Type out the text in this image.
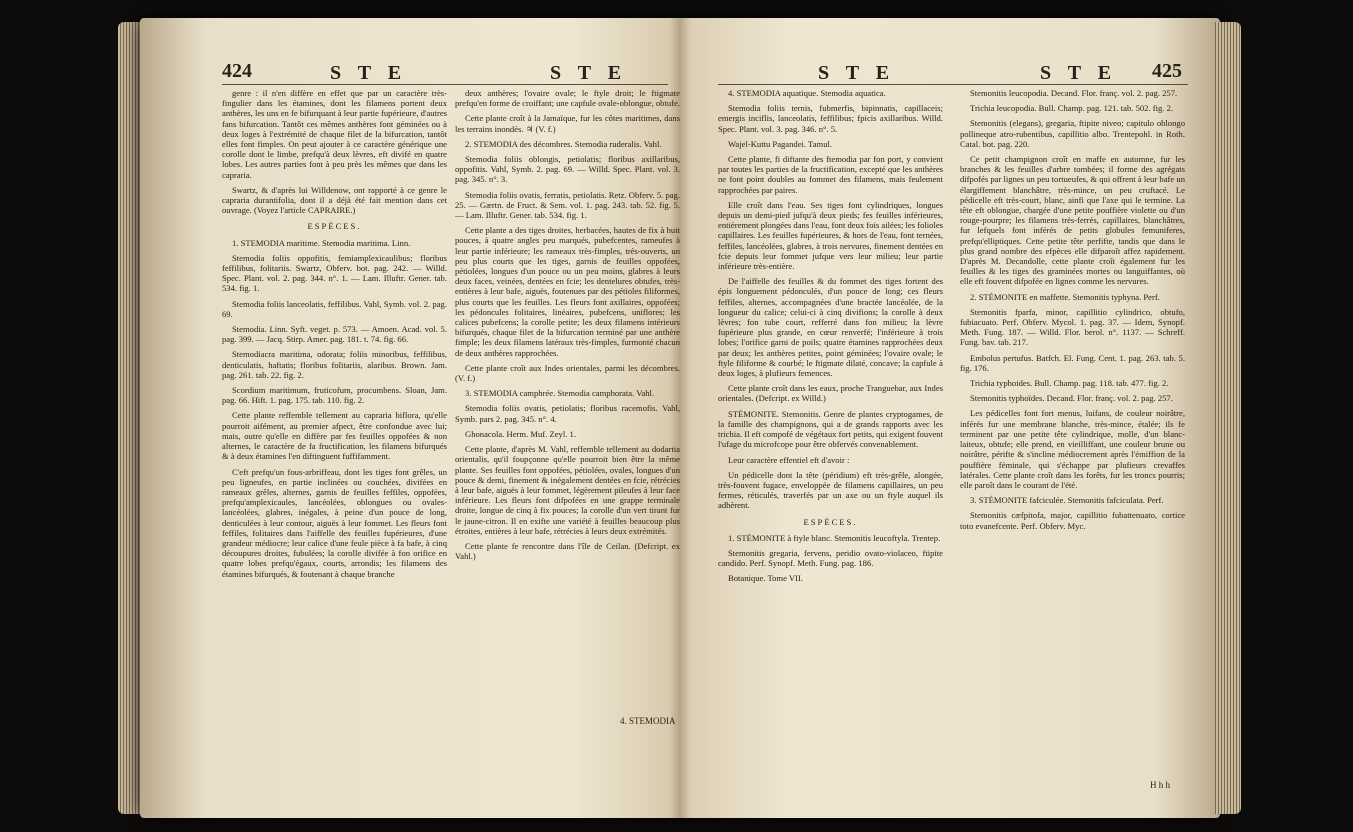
424	S T E	S T E

genre : il n'en diffère en effet que par un caractère très-fingulier dans les étamines, dont les filamens portent deux anthères, les uns en fe bifurquant à leur partie fupérieure, d'autres fans bifurcation. Tantôt ces mêmes anthères font géminées ou à deux loges à l'extrémité de chaque filet de la bifurcation, tantôt elles font fimples. On peut ajouter à ce caractère générique une corolle dont le limbe, prefqu'à deux lèvres, eft divifé en quatre lobes. Les autres parties font à peu près les mêmes que dans les capraria.

Swartz, & d'après lui Willdenow, ont rapporté à ce genre le capraria durantifolia, dont il a déjà été fait mention dans cet ouvrage. (Voyez l'article CAPRAIRE.)

ESPÈCES.

1. STEMODIA maritime. Stemodia maritima. Linn.

Stemodia foliis oppofitis, femiamplexicaulibus; floribus feffilibus, folitariis. Swartz, Obferv. bot. pag. 242. — Willd. Spec. Plant. vol. 2. pag. 344. n°. 1. — Lam. Illuftr. Gener. tab. 534. fig. 1.

Stemodia foliis lanceolatis, feffilibus. Vahl, Symb. vol. 2. pag. 69.

Stemodia. Linn. Syft. veget. p. 573. — Amoen. Acad. vol. 5. pag. 399. — Jacq. Stirp. Amer. pag. 181. t. 74. fig. 66.

Stemodiacra maritima, odorata; foliis minoribus, feffilibus, denticulatis, haftatis; floribus folitariis, alaribus. Brown. Jam. pag. 261. tab. 22. fig. 2.

Scordium maritimum, fruticofum, procumbens. Sloan, Jam. pag. 66. Hift. 1. pag. 175. tab. 110. fig. 2.

Cette plante reffemble tellement au capraria biflora, qu'elle pourroit aifément, au premier afpect, être confondue avec lui; mais, outre qu'elle en diffère par fes feuilles oppofées & non alternes, le caractère de fa fructification, les filamens bifurqués & à deux étamines l'en diftinguent fuffifamment.

C'eft prefqu'un fous-arbriffeau, dont les tiges font grêles, un peu ligneufes, en partie inclinées ou couchées, divifées en rameaux grêles, alternes, garnis de feuilles feffiles, oppofées, prefqu'amplexicaules, lancéolées, oblongues ou ovales-lancéolées, glabres, inégales, à peine d'un pouce de long, denticulées à leur contour, aiguës à leur fommet. Les fleurs font feffiles, folitaires dans l'aiffelle des feuilles fupérieures, d'une grandeur médiocre; leur calice d'une feule pièce à fa bafe, à cinq découpures droites, fubulées; la corolle divifée à fon orifice en quatre lobes prefqu'égaux, courts, arrondis; les filamens des étamines bifurqués, & foutenant à chaque branche

deux anthères; l'ovaire ovale; le ftyle droit; le ftigmate prefqu'en forme de croiffant; une capfule ovale-oblongue, obtufe.

Cette plante croît à la Jamaïque, fur les côtes maritimes, dans les terrains inondés. ♃ (V. f.)

2. STEMODIA des décombres. Stemodia ruderalis. Vahl.

Stemodia foliis oblongis, petiolatis; floribus axillaribus, oppofitis. Vahl, Symb. 2. pag. 69. — Willd. Spec. Plant. vol. 3. pag. 345. n°. 3.

Stemodia foliis ovatis, ferratis, petiolatis. Retz. Obferv. 5. pag. 25. — Gærtn. de Fruct. & Sem. vol. 1. pag. 243. tab. 52. fig. 5. — Lam. Illuftr. Gener. tab. 534. fig. 1.

Cette plante a des tiges droites, herbacées, hautes de fix à huit pouces, à quatre angles peu marqués, pubefcentes, rameufes à leur partie inférieure; les rameaux très-fimples, très-ouverts, un peu plus courts que les tiges, garnis de feuilles oppofées, pétiolées, longues d'un pouce ou un peu moins, glabres à leurs deux faces, veinées, dentées en fcie; les dentelures obtufes, très-entières à leur bafe, aiguës, foutenues par des pétioles filiformes, plus courts que les feuilles. Les fleurs font axillaires, oppofées; les pédoncules folitaires, linéaires, pubefcens, uniflores; les calices pubefcens; la corolle petite; les deux filamens intérieurs bifurqués, chaque filet de la bifurcation terminé par une anthère fimple; les deux filamens latéraux très-fimples, furmonté chacun de deux anthères rapprochées.

Cette plante croît aux Indes orientales, parmi les décombres. (V. f.)

3. STEMODIA camphrée. Stemodia camphorata. Vahl.

Stemodia foliis ovatis, petiolatis; floribus racemofis. Vahl, Symb. pars 2. pag. 345. n°. 4.

Ghonacola. Herm. Muf. Zeyl. 1.

Cette plante, d'après M. Vahl, reffemble tellement au dodartia orientalis, qu'il foupçonne qu'elle pourroit bien être la même plante. Ses feuilles font oppofées, pétiolées, ovales, longues d'un pouce & demi, finement & inégalement dentées en fcie, rétrécies à leur bafe, aiguës à leur fommet, légèrement pileufes à leur face inférieure. Les fleurs font difpofées en une grappe terminale droite, longue de cinq à fix pouces; la corolle d'un vert tirant fur le jaune-citron. Il en exifte une variété à feuilles beaucoup plus étroites, entières à leur bafe, rétrécies à leurs deux extrémités.

Cette plante fe rencontre dans l'île de Ceilan. (Defcript. ex Vahl.)

4. STEMODIA
S T E	S T E 425

4. STEMODIA aquatique. Stemodia aquatica.

Stemodia foliis ternis, fubmerfis, bipinnatis, capillaceis; emergis inciflis, lanceolatis, feffilibus; fpicis axillaribus. Willd. Spec. Plant. vol. 3. pag. 346. n°. 5.

Wajel-Kuttu Pagandei. Tamul.

Cette plante, fi diftante des ftemodia par fon port, y convient par toutes les parties de la fructification, excepté que les anthères ne font point doubles au fommet des filamens, mais feulement rapprochées par paires.

Elle croît dans l'eau. Ses tiges font cylindriques, longues depuis un demi-pied jufqu'à deux pieds; fes feuilles inférieures, entièrement plongées dans l'eau, font deux fois ailées; les folioles capillaires. Les feuilles fupérieures, & hors de l'eau, font ternées, feffiles, lancéolées, glabres, à trois nervures, finement dentées en fcie depuis leur fommet jufque vers leur milieu; leur partie inférieure très-entière.

De l'aiffelle des feuilles & du fommet des tiges fortent des épis longuement pédonculés, d'un pouce de long; ces fleurs feffiles, alternes, accompagnées d'une bractée lancéolée, de la longueur du calice; celui-ci à cinq divifions; la corolle à deux lèvres; fon tube court, refferré dans fon milieu; la lèvre fupérieure plus grande, en cœur renverfé; l'inférieure à trois lobes; l'orifice garni de poils; quatre étamines rapprochées deux par deux; les anthères petites, point géminées; l'ovaire ovale; le ftyle filiforme & courbé; le ftigmate dilaté, concave; la capfule à deux loges, à plufieurs femences.

Cette plante croît dans les eaux, proche Tranguebar, aux Indes orientales. (Defcript. ex Willd.)

STÉMONITE. Stemonitis. Genre de plantes cryptogames, de la famille des champignons, qui a de grands rapports avec les trichia. Il eft compofé de végétaux fort petits, qui exigent fouvent l'ufage du microfcope pour être obfervés convenablement.

Leur caractère effentiel eft d'avoir :

Un pédicelle dont la tête (péridium) eft très-grêle, alongée, très-fouvent fugace, enveloppée de filamens capillaires, un peu fermes, réticulés, traverfés par un axe ou un ftyle auquel ils adhèrent.

ESPÈCES.

1. STÉMONITE à ftyle blanc. Stemonitis leucoftyla. Trentep.

Stemonitis gregaria, fervens, peridio ovato-violaceo, ftipite candido. Perf. Synopf. Meth. Fung. pag. 186.

Botanique. Tome VII.

Stemonitis leucopodia. Decand. Flor. franç. vol. 2. pag. 257.

Trichia leucopodia. Bull. Champ. pag. 121. tab. 502. fig. 2.

Stemonitis (elegans), gregaria, ftipite niveo; capitulo oblongo pollineque atro-rubentibus, capillitio albo. Trentepohl. in Roth. Catal. bot. pag. 220.

Ce petit champignon croît en maffe en automne, fur les branches & les feuilles d'arbre tombées; il forme des agrégats difpofés par lignes un peu tortueufes, & qui offrent à leur bafe un élargiffement blanchâtre, très-mince, un peu cruftacé. Le pédicelle eft très-court, blanc, ainfi que l'axe qui le termine. La tête eft oblongue, chargée d'une petite pouffière violette ou d'un rouge-pourpre; les filamens très-ferrés, capillaires, blanchâtres, fur lefquels font inférés de petits globules femuniferes, prefqu'elliptiques. Cette petite tête perfifte, tandis que dans le plus grand nombre des efpèces elle difparoît affez rapidement. D'après M. Decandolle, cette plante croît également fur les feuilles & les tiges des graminées mortes ou languiffantes, où elle eft fouvent difpofée en lignes comme les nervures.

2. STÉMONITE en maffette. Stemonitis typhyna. Perf.

Stemonitis fparfa, minor, capillitio cylindrico, obtufo, fubiacuato. Perf. Obferv. Mycol. 1. pag. 37. — Idem, Synopf. Meth. Fung. 187. — Willd. Flor. berol. n°. 1137. — Schreff. Fung. bav. tab. 217.

Embolus pertufus. Batfch. El. Fung. Cent. 1. pag. 263. tab. 5. fig. 176.

Trichia typhoides. Bull. Champ. pag. 118. tab. 477. fig. 2.

Stemonitis typhoïdes. Decand. Flor. franç. vol. 2. pag. 257.

Les pédicelles font fort menus, luifans, de couleur noirâtre, inférés fur une membrane blanche, très-mince, étalée; ils fe terminent par une petite tête cylindrique, molle, d'un blanc-laiteux, obtufe; elle prend, en vieilliffant, une couleur brune ou noirâtre, périfte & s'incline médiocrement après l'émiffion de la pouffière féminale, qui s'échappe par plufieurs crevaffes latérales. Cette plante croît dans les forêts, fur les troncs pourris; elle paroît dans le courant de l'été.

3. STÉMONITE fafciculée. Stemonitis fafciculata. Perf.

Stemonitis cæfpitofa, major, capillitio fubattenuato, cortice toto evanefcente. Perf. Obferv. Myc.

H h h
